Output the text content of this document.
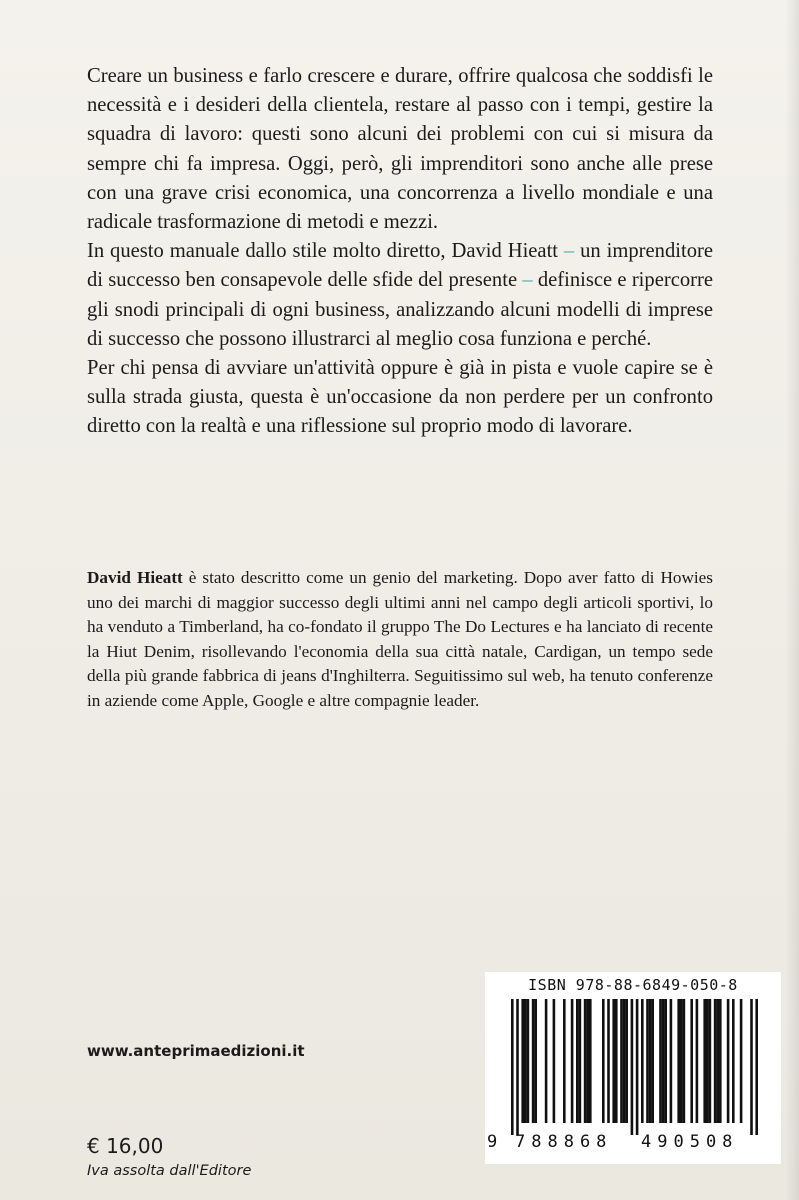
Creare un business e farlo crescere e durare, offrire qualcosa che soddisfi le necessità e i desideri della clientela, restare al passo con i tempi, gestire la squadra di lavoro: questi sono alcuni dei problemi con cui si misura da sempre chi fa impresa. Oggi, però, gli imprenditori sono anche alle prese con una grave crisi economica, una concorrenza a livello mondiale e una radicale trasformazione di metodi e mezzi.

In questo manuale dallo stile molto diretto, David Hieatt – un imprenditore di successo ben consapevole delle sfide del presente – definisce e ripercorre gli snodi principali di ogni business, analizzando alcuni modelli di imprese di successo che possono illustrarci al meglio cosa funziona e perché.

Per chi pensa di avviare un'attività oppure è già in pista e vuole capire se è sulla strada giusta, questa è un'occasione da non perdere per un confronto diretto con la realtà e una riflessione sul proprio modo di lavorare.

David Hieatt è stato descritto come un genio del marketing. Dopo aver fatto di Howies uno dei marchi di maggior successo degli ultimi anni nel campo degli articoli sportivi, lo ha venduto a Timberland, ha co-fondato il gruppo The Do Lectures e ha lanciato di recente la Hiut Denim, risollevando l'economia della sua città natale, Cardigan, un tempo sede della più grande fabbrica di jeans d'Inghilterra. Seguitissimo sul web, ha tenuto conferenze in aziende come Apple, Google e altre compagnie leader.

www.anteprimaedizioni.it
€ 16,00
Iva assolta dall'Editore
ISBN 978-88-6849-050-8
9 788868 490508
